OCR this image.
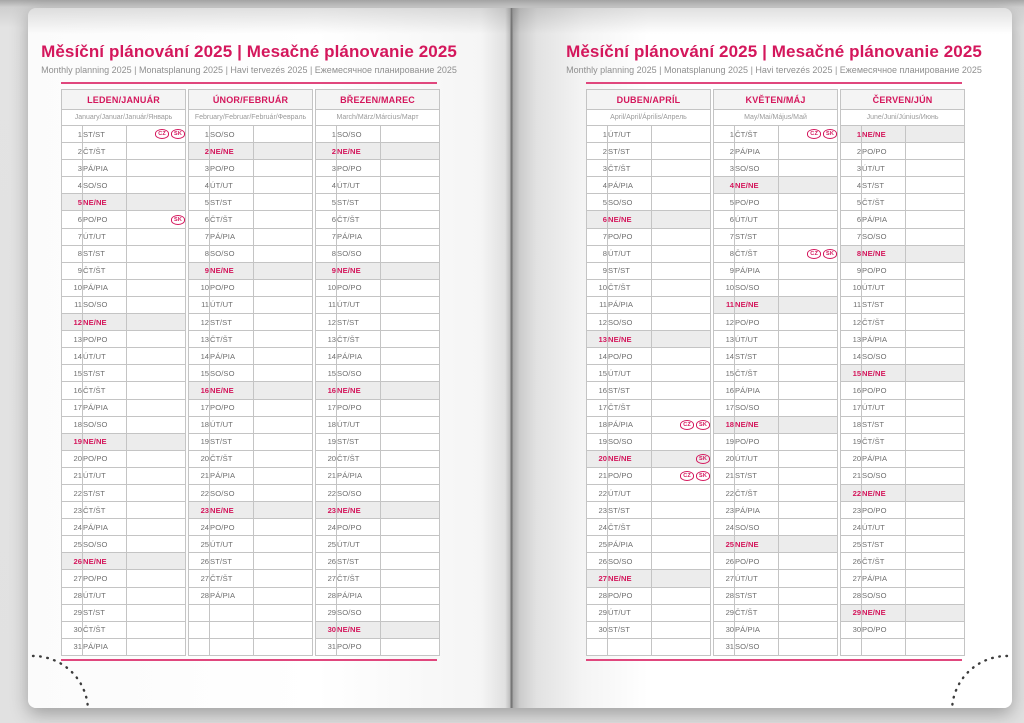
Měsíční plánování 2025 | Mesačné plánovanie 2025
Monthly planning 2025 | Monatsplanung 2025 | Havi tervezés 2025 | Ежемесячное планирование 2025
LEDEN/JANUÁR		
January/Januar/Január/Январь		
1	ST/ST	CZ SK
2	ČT/ŠT	
3	PÁ/PIA	
4	SO/SO	
5	NE/NE	
6	PO/PO	SK
7	ÚT/UT	
8	ST/ST	
9	ČT/ŠT	
10	PÁ/PIA	
11	SO/SO	
12	NE/NE	
13	PO/PO	
14	ÚT/UT	
15	ST/ST	
16	ČT/ŠT	
17	PÁ/PIA	
18	SO/SO	
19	NE/NE	
20	PO/PO	
21	ÚT/UT	
22	ST/ST	
23	ČT/ŠT	
24	PÁ/PIA	
25	SO/SO	
26	NE/NE	
27	PO/PO	
28	ÚT/UT	
29	ST/ST	
30	ČT/ŠT	
31	PÁ/PIA	
ÚNOR/FEBRUÁR		
February/Februar/Február/Февраль		
1	SO/SO	
2	NE/NE	
3	PO/PO	
4	ÚT/UT	
5	ST/ST	
6	ČT/ŠT	
7	PÁ/PIA	
8	SO/SO	
9	NE/NE	
10	PO/PO	
11	ÚT/UT	
12	ST/ST	
13	ČT/ŠT	
14	PÁ/PIA	
15	SO/SO	
16	NE/NE	
17	PO/PO	
18	ÚT/UT	
19	ST/ST	
20	ČT/ŠT	
21	PÁ/PIA	
22	SO/SO	
23	NE/NE	
24	PO/PO	
25	ÚT/UT	
26	ST/ST	
27	ČT/ŠT	
28	PÁ/PIA	

BŘEZEN/MAREC		
March/März/Március/Март		
1	SO/SO	
2	NE/NE	
3	PO/PO	
4	ÚT/UT	
5	ST/ST	
6	ČT/ŠT	
7	PÁ/PIA	
8	SO/SO	
9	NE/NE	
10	PO/PO	
11	ÚT/UT	
12	ST/ST	
13	ČT/ŠT	
14	PÁ/PIA	
15	SO/SO	
16	NE/NE	
17	PO/PO	
18	ÚT/UT	
19	ST/ST	
20	ČT/ŠT	
21	PÁ/PIA	
22	SO/SO	
23	NE/NE	
24	PO/PO	
25	ÚT/UT	
26	ST/ST	
27	ČT/ŠT	
28	PÁ/PIA	
29	SO/SO	
30	NE/NE	
31	PO/PO	
Měsíční plánování 2025 | Mesačné plánovanie 2025
Monthly planning 2025 | Monatsplanung 2025 | Havi tervezés 2025 | Ежемесячное планирование 2025
DUBEN/APRÍL		
April/April/Április/Апрель		
1	ÚT/UT	
2	ST/ST	
3	ČT/ŠT	
4	PÁ/PIA	
5	SO/SO	
6	NE/NE	
7	PO/PO	
8	ÚT/UT	
9	ST/ST	
10	ČT/ŠT	
11	PÁ/PIA	
12	SO/SO	
13	NE/NE	
14	PO/PO	
15	ÚT/UT	
16	ST/ST	
17	ČT/ŠT	
18	PÁ/PIA	CZ SK
19	SO/SO	
20	NE/NE	SK
21	PO/PO	CZ SK
22	ÚT/UT	
23	ST/ST	
24	ČT/ŠT	
25	PÁ/PIA	
26	SO/SO	
27	NE/NE	
28	PO/PO	
29	ÚT/UT	
30	ST/ST	

KVĚTEN/MÁJ		
May/Mai/Május/Май		
1	ČT/ŠT	CZ SK
2	PÁ/PIA	
3	SO/SO	
4	NE/NE	
5	PO/PO	
6	ÚT/UT	
7	ST/ST	
8	ČT/ŠT	CZ SK
9	PÁ/PIA	
10	SO/SO	
11	NE/NE	
12	PO/PO	
13	ÚT/UT	
14	ST/ST	
15	ČT/ŠT	
16	PÁ/PIA	
17	SO/SO	
18	NE/NE	
19	PO/PO	
20	ÚT/UT	
21	ST/ST	
22	ČT/ŠT	
23	PÁ/PIA	
24	SO/SO	
25	NE/NE	
26	PO/PO	
27	ÚT/UT	
28	ST/ST	
29	ČT/ŠT	
30	PÁ/PIA	
31	SO/SO	
ČERVEN/JÚN		
June/Juni/Június/Июнь		
1	NE/NE	
2	PO/PO	
3	ÚT/UT	
4	ST/ST	
5	ČT/ŠT	
6	PÁ/PIA	
7	SO/SO	
8	NE/NE	
9	PO/PO	
10	ÚT/UT	
11	ST/ST	
12	ČT/ŠT	
13	PÁ/PIA	
14	SO/SO	
15	NE/NE	
16	PO/PO	
17	ÚT/UT	
18	ST/ST	
19	ČT/ŠT	
20	PÁ/PIA	
21	SO/SO	
22	NE/NE	
23	PO/PO	
24	ÚT/UT	
25	ST/ST	
26	ČT/ŠT	
27	PÁ/PIA	
28	SO/SO	
29	NE/NE	
30	PO/PO	
